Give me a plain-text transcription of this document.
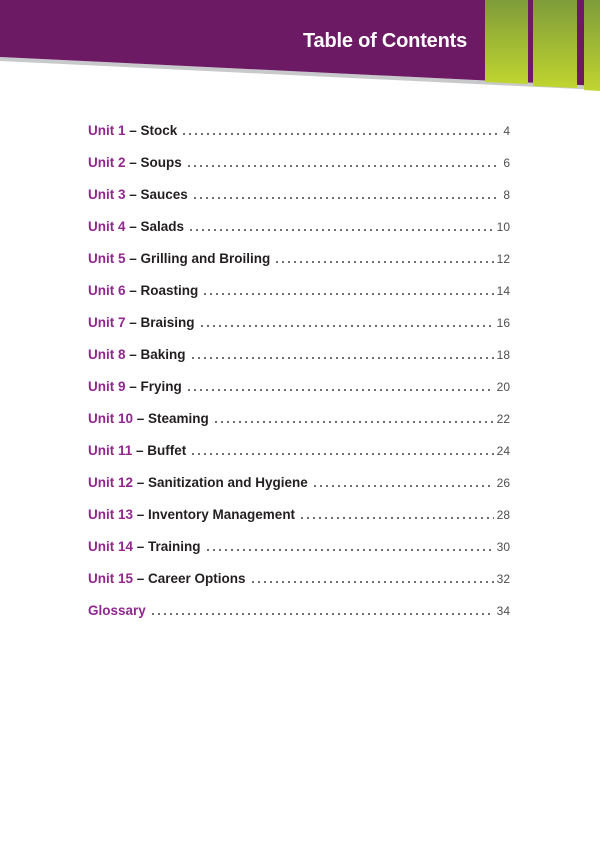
Table of Contents
Unit 1 – Stock	4
Unit 2 – Soups	6
Unit 3 – Sauces	8
Unit 4 – Salads	10
Unit 5 – Grilling and Broiling	12
Unit 6 – Roasting	14
Unit 7 – Braising	16
Unit 8 – Baking	18
Unit 9 – Frying	20
Unit 10 – Steaming	22
Unit 11 – Buffet	24
Unit 12 – Sanitization and Hygiene	26
Unit 13 – Inventory Management	28
Unit 14 – Training	30
Unit 15 – Career Options	32
Glossary	34
